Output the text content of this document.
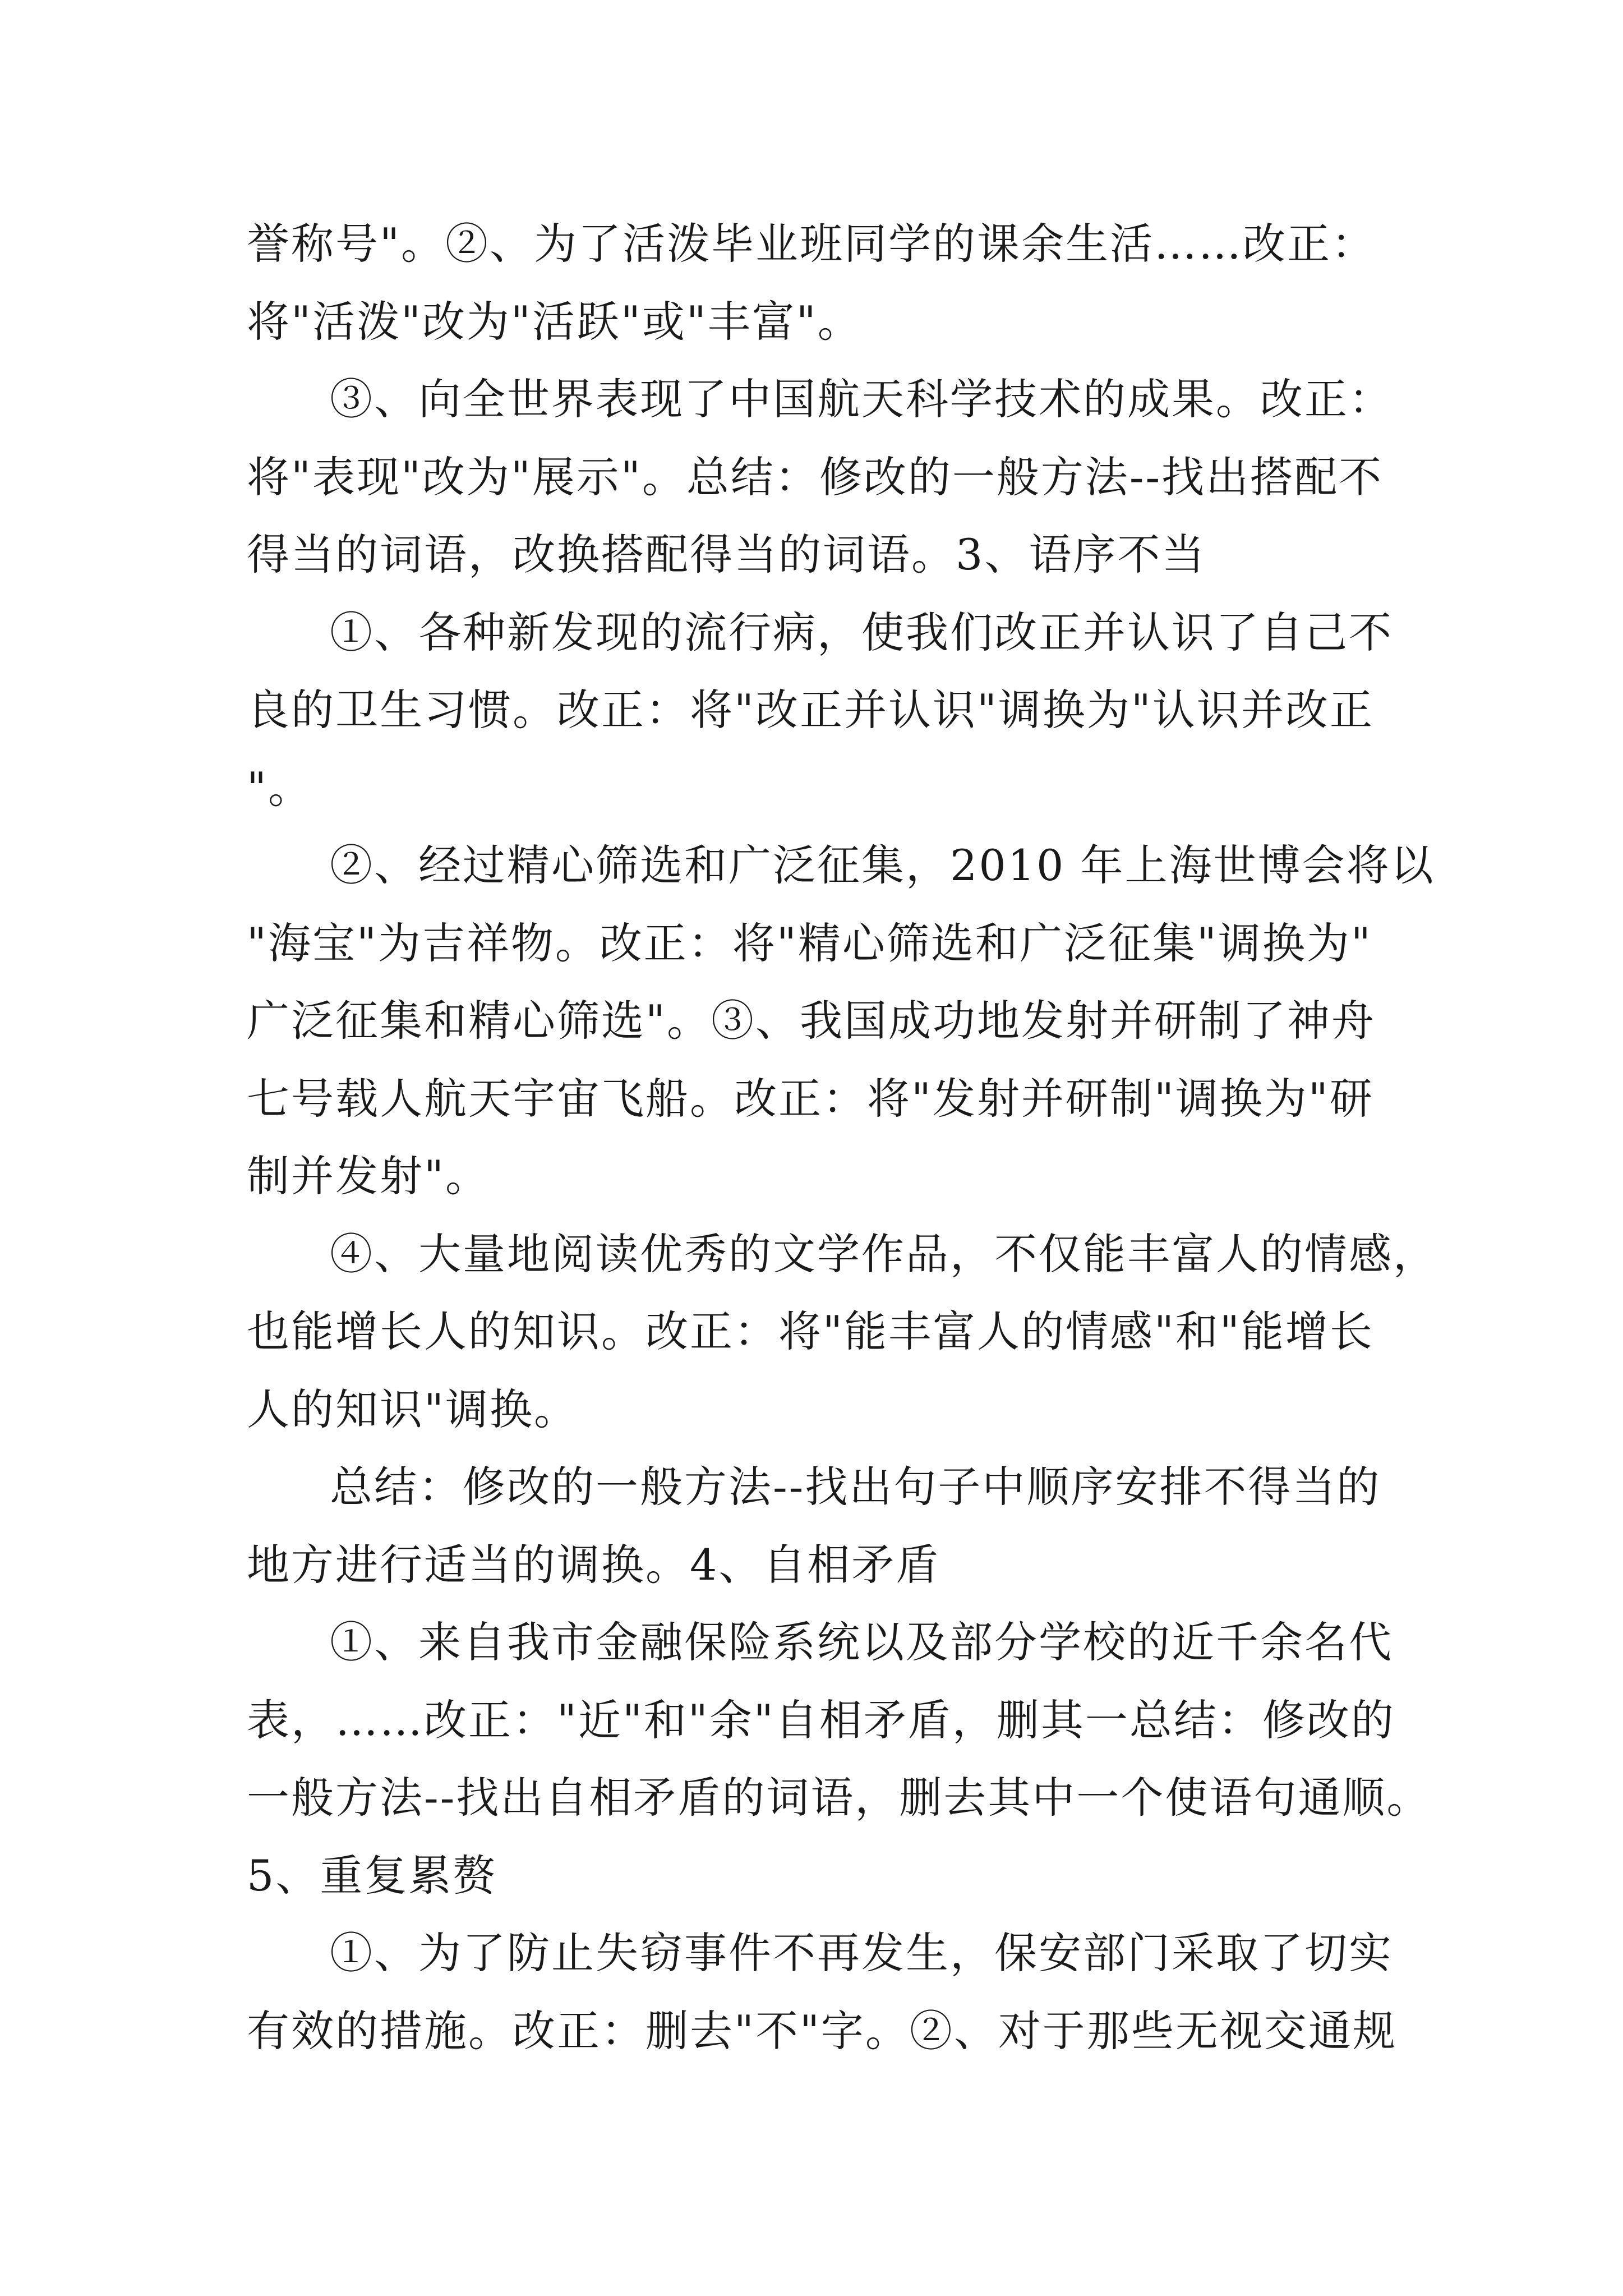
誉称号"。②、为了活泼毕业班同学的课余生活……改正：
将"活泼"改为"活跃"或"丰富"。
③、向全世界表现了中国航天科学技术的成果。改正：
将"表现"改为"展示"。总结：修改的一般方法--找出搭配不
得当的词语，改换搭配得当的词语。3、语序不当
①、各种新发现的流行病，使我们改正并认识了自己不
良的卫生习惯。改正：将"改正并认识"调换为"认识并改正
"。
②、经过精心筛选和广泛征集，2010 年上海世博会将以
"海宝"为吉祥物。改正：将"精心筛选和广泛征集"调换为"
广泛征集和精心筛选"。③、我国成功地发射并研制了神舟
七号载人航天宇宙飞船。改正：将"发射并研制"调换为"研
制并发射"。
④、大量地阅读优秀的文学作品，不仅能丰富人的情感，
也能增长人的知识。改正：将"能丰富人的情感"和"能增长
人的知识"调换。
总结：修改的一般方法--找出句子中顺序安排不得当的
地方进行适当的调换。4、自相矛盾
①、来自我市金融保险系统以及部分学校的近千余名代
表，……改正："近"和"余"自相矛盾，删其一总结：修改的
一般方法--找出自相矛盾的词语，删去其中一个使语句通顺。
5、重复累赘
①、为了防止失窃事件不再发生，保安部门采取了切实
有效的措施。改正：删去"不"字。②、对于那些无视交通规
